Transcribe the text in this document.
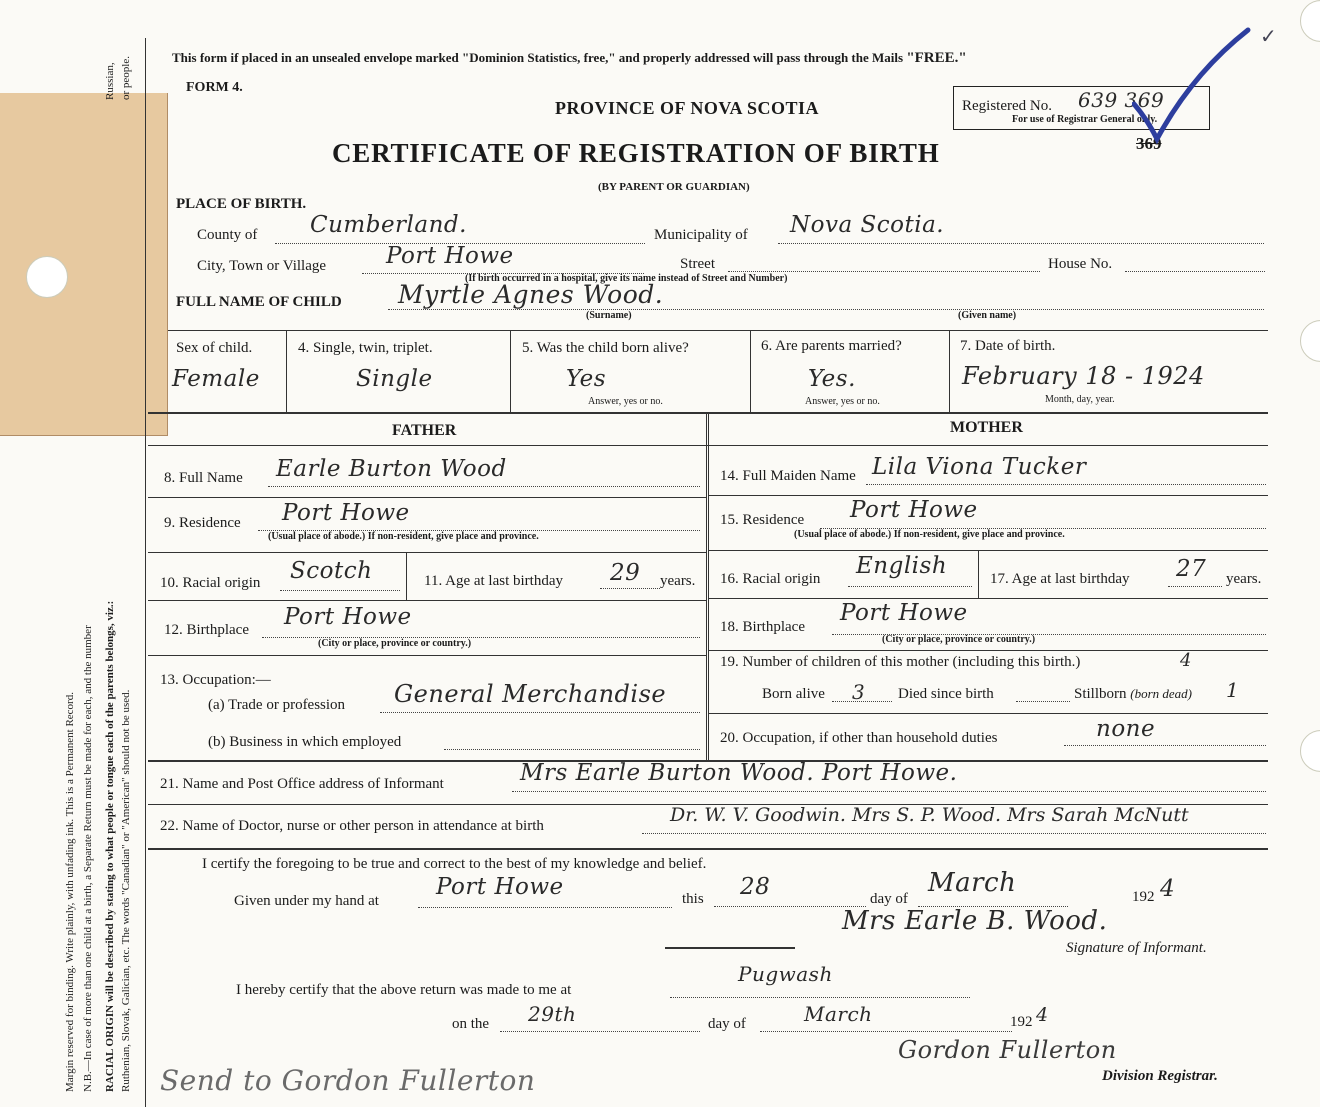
Margin reserved for binding. Write plainly, with unfading ink. This is a Permanent Record. N.B.—In case of more than one child at a birth, a Separate Return must be made for each, and the number RACIAL ORIGIN will be described by stating to what people or tongue each of the parents belongs, viz.: Ruthenian, Slovak, Galician, etc. The words "Canadian" or "American" should not be used.
Russian, or people.	This form if placed in an unsealed envelope marked "Dominion Statistics, free," and properly addressed will pass through the Mails "FREE."
FORM 4.
PROVINCE OF NOVA SCOTIA
CERTIFICATE OF REGISTRATION OF BIRTH
(BY PARENT OR GUARDIAN)
Registered No. 639 369
For use of Registrar General only.
369
✓
PLACE OF BIRTH.
County of Cumberland.	Municipality of Nova Scotia.
City, Town or Village	Port Howe	Street
(If birth occurred in a hospital, give its name instead of Street and Number)
House No.
FULL NAME OF CHILD Myrtle Agnes Wood.
(Surname)	(Given name)
Sex of child.
Female
4. Single, twin, triplet.
Single
5. Was the child born alive?
Yes
Answer, yes or no.
6. Are parents married?
Yes.
Answer, yes or no.
7. Date of birth.
February 18 - 1924
Month, day, year.
FATHER	MOTHER
8. Full Name Earle Burton Wood
9. Residence Port Howe
(Usual place of abode.) If non-resident, give place and province.
10. Racial origin Scotch	11. Age at last birthday 29 years.
12. Birthplace Port Howe
(City or place, province or country.)
13. Occupation:—
(a) Trade or profession General Merchandise
(b) Business in which employed
14. Full Maiden Name Lila Viona Tucker
15. Residence Port Howe
(Usual place of abode.) If non-resident, give place and province.
16. Racial origin English	17. Age at last birthday 27 years.
18. Birthplace
Port Howe
(City or place, province or country.)
19. Number of children of this mother (including this birth.)	4
Born alive 3 Died since birth	Stillborn (born dead) 1
20. Occupation, if other than household duties	none
21. Name and Post Office address of Informant	Mrs Earle Burton Wood. Port Howe.
22. Name of Doctor, nurse or other person in attendance at birth	Dr. W. V. Goodwin. Mrs S. P. Wood. Mrs Sarah McNutt
I certify the foregoing to be true and correct to the best of my knowledge and belief.
Given under my hand at
Port Howe	this 28	day of
March	192 4
Mrs Earle B. Wood.
Signature of Informant.
I hereby certify that the above return was made to me at
Pugwash
on the 29th	day of	March	192 4
Gordon Fullerton
Division Registrar.
Send to Gordon Fullerton
